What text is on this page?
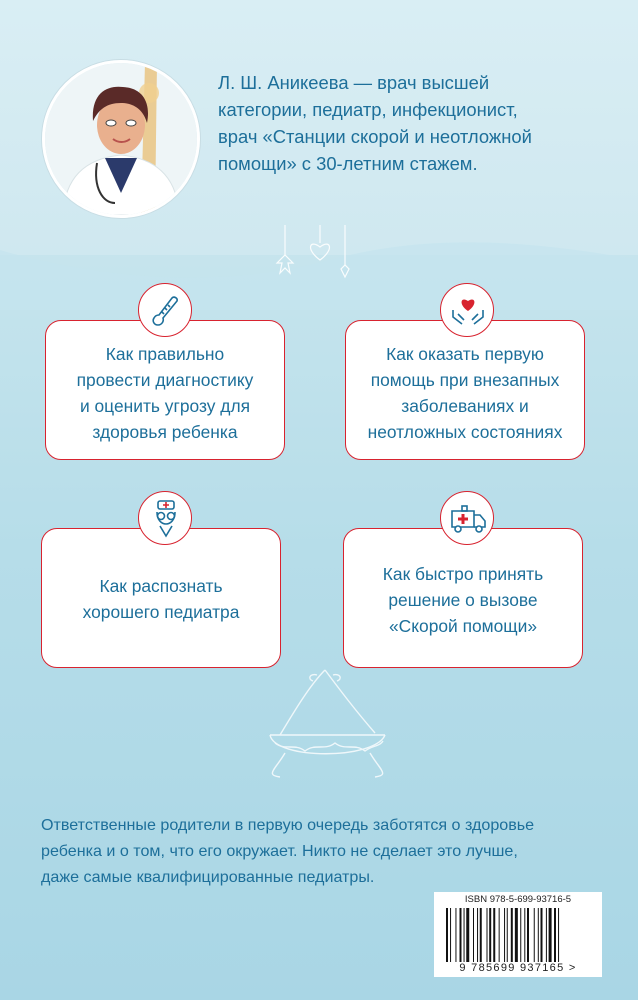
Л. Ш. Аникеева — врач высшей
категории, педиатр, инфекционист,
врач «Станции скорой и неотложной
помощи» с 30-летним стажем.
Как правильно
провести диагностику
и оценить угрозу для
здоровья ребенка
Как оказать первую
помощь при внезапных
заболеваниях и
неотложных состояниях
Как распознать
хорошего педиатра
Как быстро принять
решение о вызове
«Скорой помощи»
Ответственные родители в первую очередь заботятся о здоровье
ребенка и о том, что его окружает. Никто не сделает это лучше,
даже самые квалифицированные педиатры.
ISBN 978-5-699-93716-5
9 785699 937165 >
